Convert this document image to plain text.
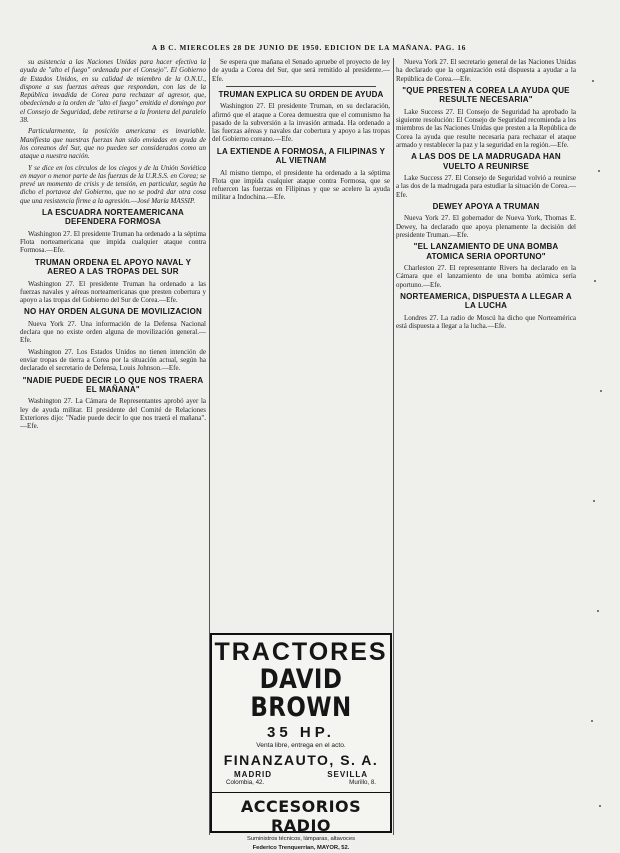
A B C. MIERCOLES 28 DE JUNIO DE 1950. EDICION DE LA MAÑANA. PAG. 16

su asistencia a las Naciones Unidas para hacer efectiva la ayuda de "alto el fuego" ordenada por el Consejo". El Gobierno de Estados Unidos, en su calidad de miembro de la O.N.U., dispone a sus fuerzas aéreas que respondan, con las de la República invadida de Corea para rechazar al agresor, que, obedeciendo a la orden de "alto el fuego" emitida el domingo por el Consejo de Seguridad, debe retirarse a la frontera del paralelo 38.

Particularmente, la posición americana es invariable. Manifiesta que nuestras fuerzas han sido enviadas en ayuda de los coreanos del Sur, que no pueden ser considerados como un ataque a nuestra nación.

Y se dice en los círculos de los ciegos y de la Unión Soviética en mayor o menor parte de las fuerzas de la U.R.S.S. en Corea; se prevé un momento de crisis y de tensión, en particular, según ha dicho el portavoz del Gobierno, que no se podrá dar otra cosa que una resistencia firme a la agresión.—José María MASSIP.

LA ESCUADRA NORTEAMERICANA DEFENDERA FORMOSA

Washington 27. El presidente Truman ha ordenado a la séptima Flota norteamericana que impida cualquier ataque contra Formosa.—Efe.

TRUMAN ORDENA EL APOYO NAVAL Y AEREO A LAS TROPAS DEL SUR

Washington 27. El presidente Truman ha ordenado a las fuerzas navales y aéreas norteamericanas que presten cobertura y apoyo a las tropas del Gobierno del Sur de Corea.—Efe.

NO HAY ORDEN ALGUNA DE MOVILIZACION

Nueva York 27. Una información de la Defensa Nacional declara que no existe orden alguna de movilización general.—Efe.

Washington 27. Los Estados Unidos no tienen intención de enviar tropas de tierra a Corea por la situación actual, según ha declarado el secretario de Defensa, Louis Johnson.—Efe.

"NADIE PUEDE DECIR LO QUE NOS TRAERA EL MAÑANA"

Washington 27. La Cámara de Representantes aprobó ayer la ley de ayuda militar. El presidente del Comité de Relaciones Exteriores dijo: "Nadie puede decir lo que nos traerá el mañana".—Efe.

Se espera que mañana el Senado apruebe el proyecto de ley de ayuda a Corea del Sur, que será remitido al presidente.—Efe.

TRUMAN EXPLICA SU ORDEN DE AYUDA

Washington 27. El presidente Truman, en su declaración, afirmó que el ataque a Corea demuestra que el comunismo ha pasado de la subversión a la invasión armada. Ha ordenado a las fuerzas aéreas y navales dar cobertura y apoyo a las tropas del Gobierno coreano.—Efe.

LA EXTIENDE A FORMOSA, A FILIPINAS Y AL VIETNAM

Al mismo tiempo, el presidente ha ordenado a la séptima Flota que impida cualquier ataque contra Formosa, que se refuercen las fuerzas en Filipinas y que se acelere la ayuda militar a Indochina.—Efe.

TRACTORES
DAVID BROWN
35 HP.
Venta libre, entrega en el acto.
FINANZAUTO, S. A.
MADRID	SEVILLA
Colombia, 42.	Murillo, 8.
ACCESORIOS RADIO
Suministros técnicos, lámparas, altavoces
Federico Trenquerrian, MAYOR, 52.

Nueva York 27. El secretario general de las Naciones Unidas ha declarado que la organización está dispuesta a ayudar a la República de Corea.—Efe.

"QUE PRESTEN A COREA LA AYUDA QUE RESULTE NECESARIA"

Lake Success 27. El Consejo de Seguridad ha aprobado la siguiente resolución: El Consejo de Seguridad recomienda a los miembros de las Naciones Unidas que presten a la República de Corea la ayuda que resulte necesaria para rechazar el ataque armado y restablecer la paz y la seguridad en la región.—Efe.

A LAS DOS DE LA MADRUGADA HAN VUELTO A REUNIRSE

Lake Success 27. El Consejo de Seguridad volvió a reunirse a las dos de la madrugada para estudiar la situación de Corea.—Efe.

DEWEY APOYA A TRUMAN

Nueva York 27. El gobernador de Nueva York, Thomas E. Dewey, ha declarado que apoya plenamente la decisión del presidente Truman.—Efe.

"EL LANZAMIENTO DE UNA BOMBA ATOMICA SERIA OPORTUNO"

Charleston 27. El representante Rivers ha declarado en la Cámara que el lanzamiento de una bomba atómica sería oportuno.—Efe.

NORTEAMERICA, DISPUESTA A LLEGAR A LA LUCHA

Londres 27. La radio de Moscú ha dicho que Norteamérica está dispuesta a llegar a la lucha.—Efe.
